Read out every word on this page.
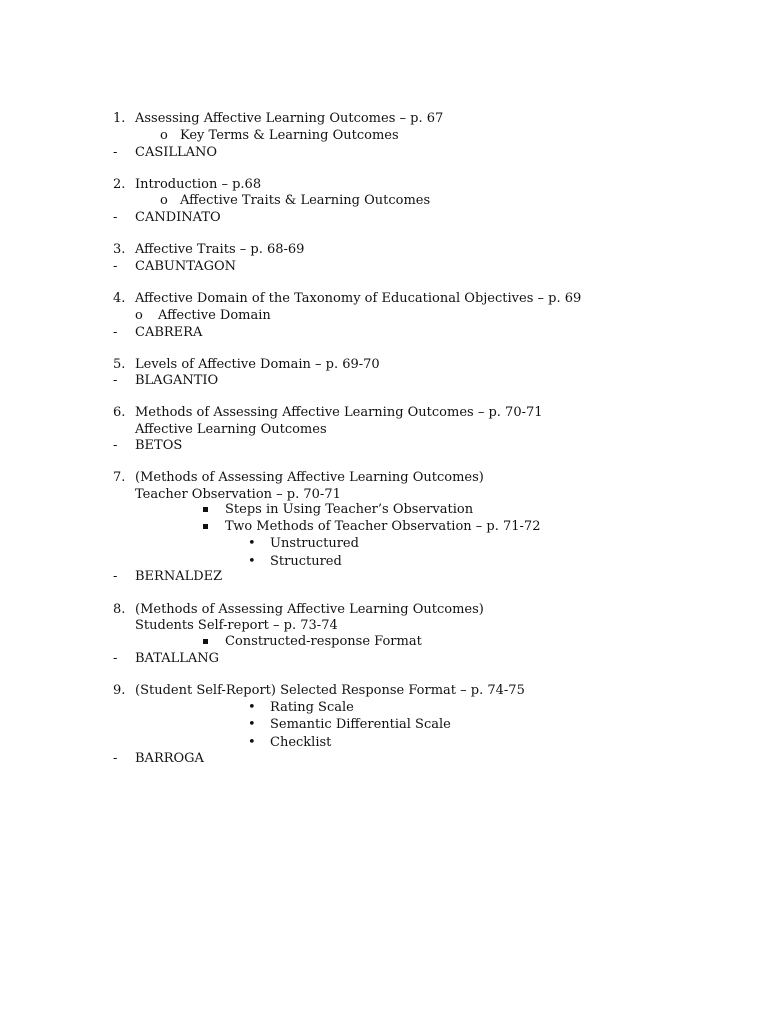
1. Assessing Affective Learning Outcomes – p. 67
o Key Terms & Learning Outcomes
- CASILLANO
2. Introduction – p.68
o Affective Traits & Learning Outcomes
- CANDINATO
3. Affective Traits – p. 68-69
- CABUNTAGON
4. Affective Domain of the Taxonomy of Educational Objectives – p. 69
o Affective Domain
- CABRERA
5. Levels of Affective Domain – p. 69-70
- BLAGANTIO
6. Methods of Assessing Affective Learning Outcomes – p. 70-71
Affective Learning Outcomes
- BETOS
7. (Methods of Assessing Affective Learning Outcomes)
Teacher Observation – p. 70-71
Steps in Using Teacher’s Observation
Two Methods of Teacher Observation – p. 71-72
• Unstructured
• Structured
- BERNALDEZ
8. (Methods of Assessing Affective Learning Outcomes)
Students Self-report – p. 73-74
Constructed-response Format
- BATALLANG
9. (Student Self-Report) Selected Response Format – p. 74-75
• Rating Scale
• Semantic Differential Scale
• Checklist
- BARROGA
